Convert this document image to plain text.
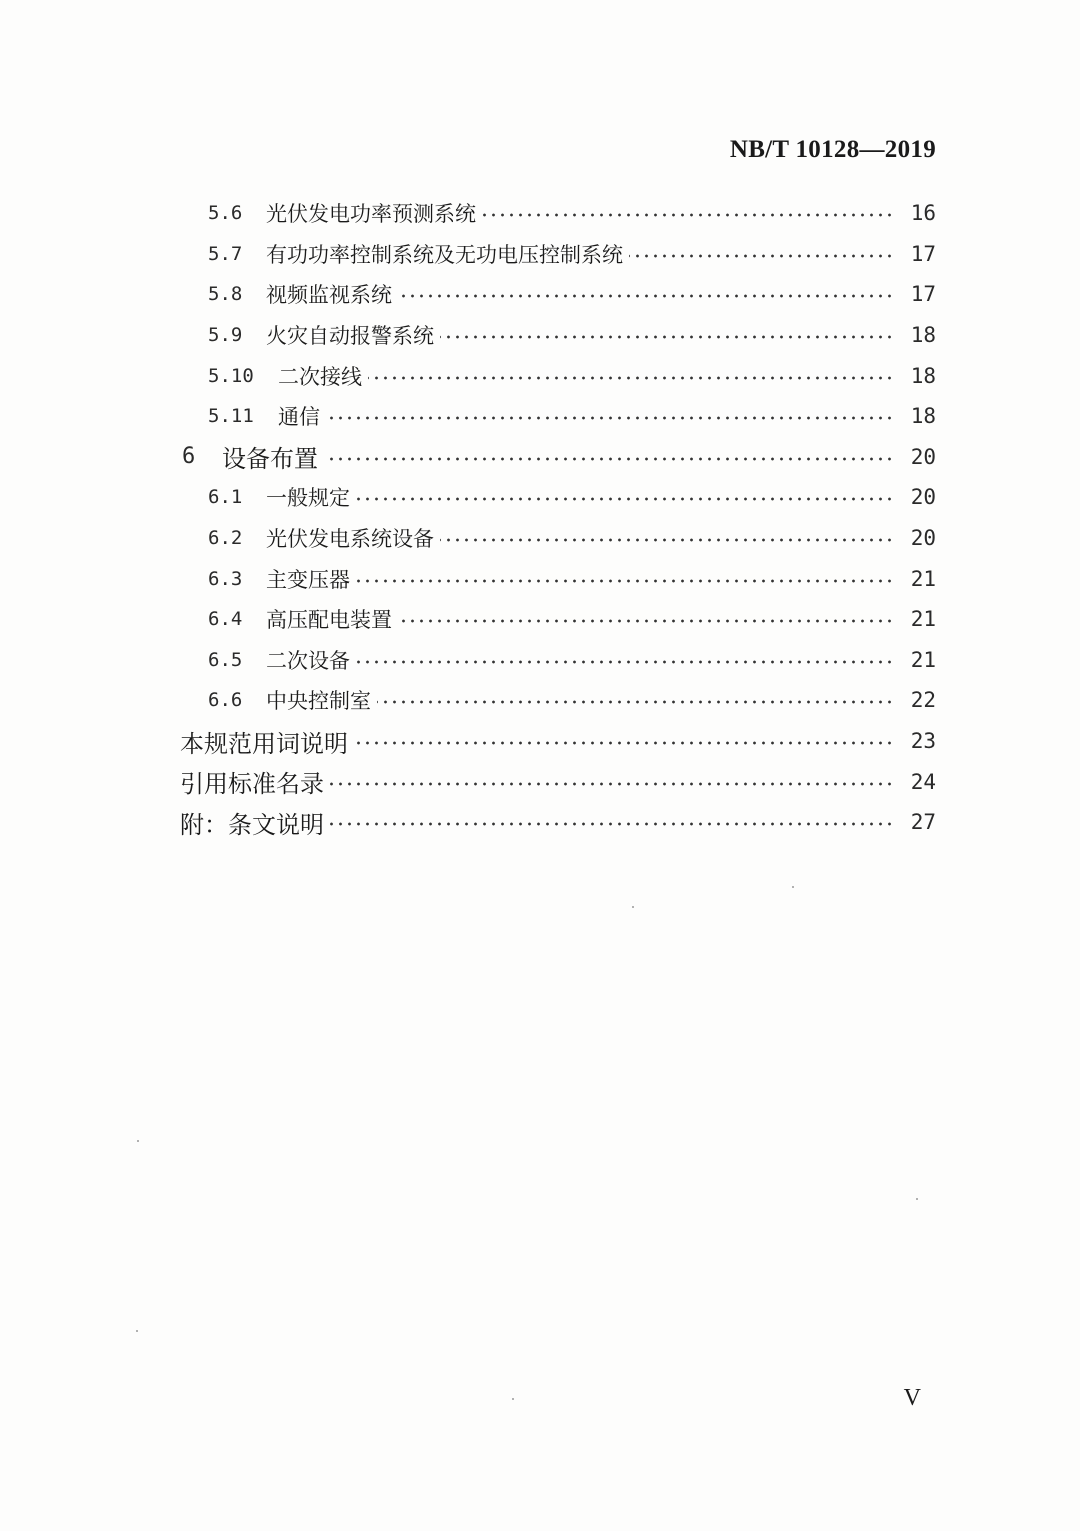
NB/T 10128—2019
5.6 光伏发电功率预测系统	16
5.7 有功功率控制系统及无功电压控制系统	17
5.8 视频监视系统	17
5.9 火灾自动报警系统	18
5.10 二次接线	18
5.11 通信	18
6 设备布置	20
6.1 一般规定	20
6.2 光伏发电系统设备	20
6.3 主变压器	21
6.4 高压配电装置	21
6.5 二次设备	21
6.6 中央控制室	22
本规范用词说明	23
引用标准名录	24
附：条文说明	27
V
